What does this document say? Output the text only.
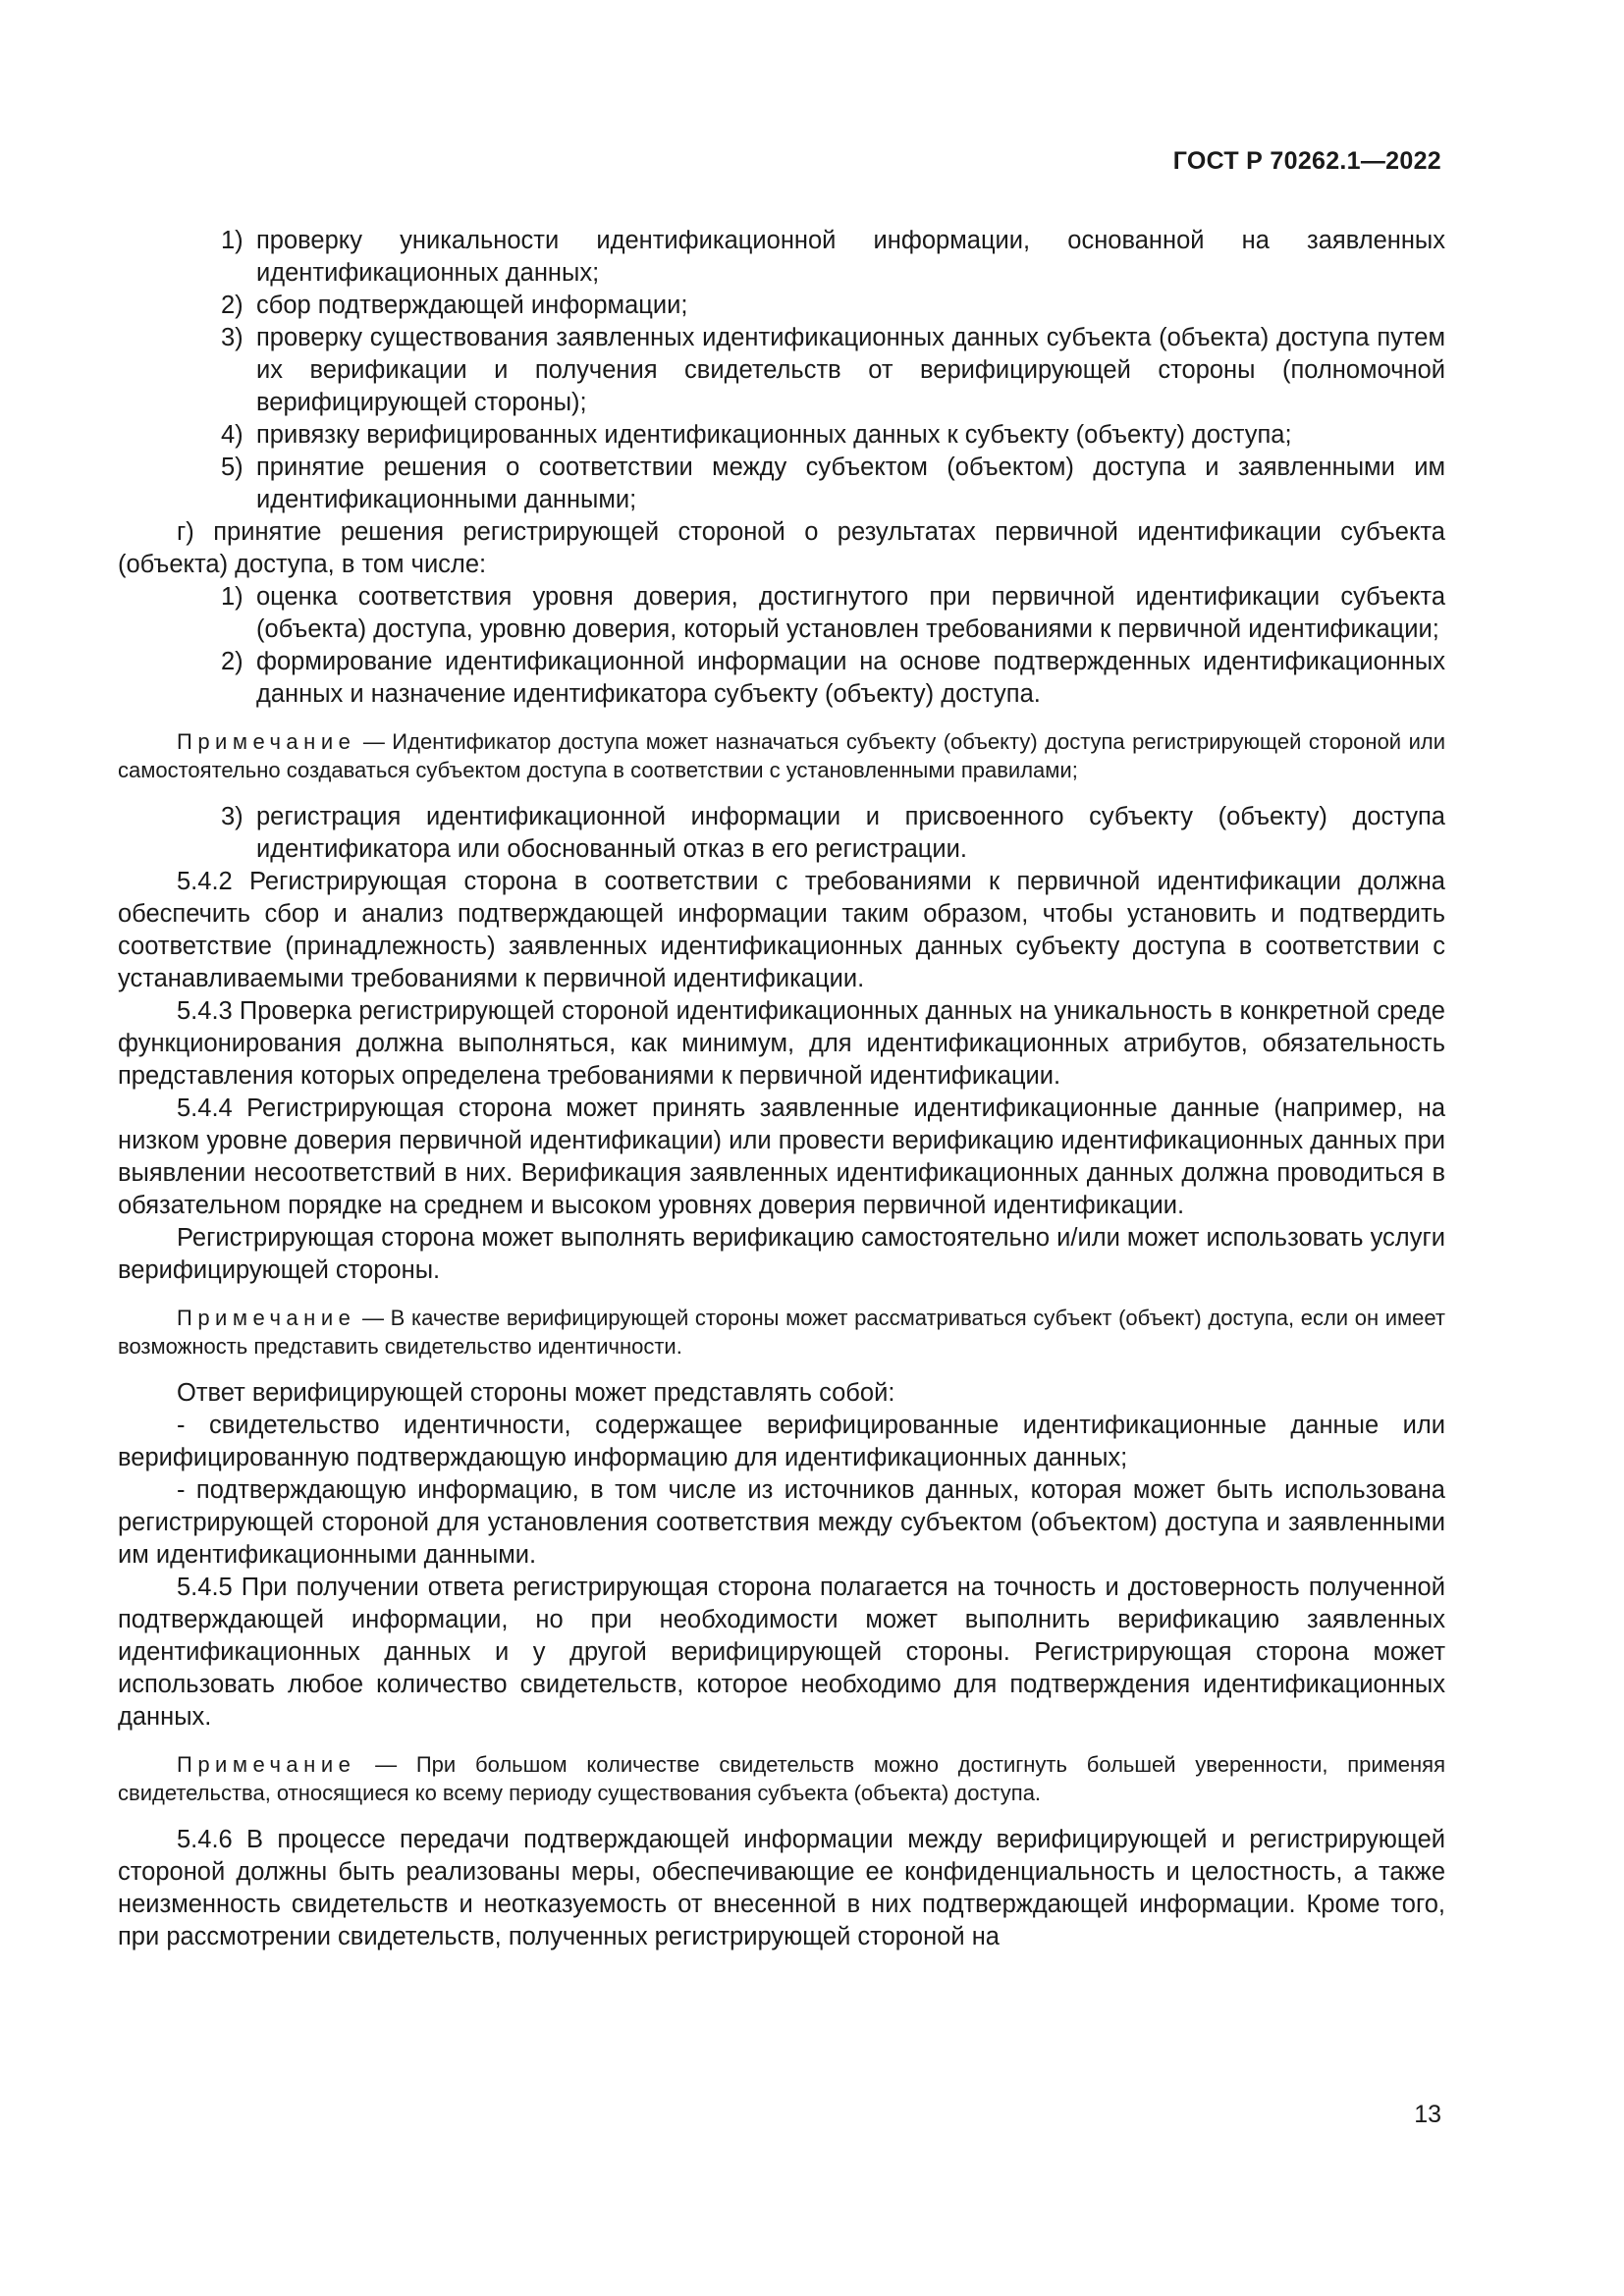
ГОСТ Р 70262.1—2022
1) проверку уникальности идентификационной информации, основанной на заявленных идентификационных данных;
2) сбор подтверждающей информации;
3) проверку существования заявленных идентификационных данных субъекта (объекта) доступа путем их верификации и получения свидетельств от верифицирующей стороны (полномочной верифицирующей стороны);
4) привязку верифицированных идентификационных данных к субъекту (объекту) доступа;
5) принятие решения о соответствии между субъектом (объектом) доступа и заявленными им идентификационными данными;

г) принятие решения регистрирующей стороной о результатах первичной идентификации субъекта (объекта) доступа, в том числе:

1) оценка соответствия уровня доверия, достигнутого при первичной идентификации субъекта (объекта) доступа, уровню доверия, который установлен требованиями к первичной идентификации;
2) формирование идентификационной информации на основе подтвержденных идентификационных данных и назначение идентификатора субъекту (объекту) доступа.

Примечание — Идентификатор доступа может назначаться субъекту (объекту) доступа регистрирующей стороной или самостоятельно создаваться субъектом доступа в соответствии с установленными правилами;

3) регистрация идентификационной информации и присвоенного субъекту (объекту) доступа идентификатора или обоснованный отказ в его регистрации.

5.4.2 Регистрирующая сторона в соответствии с требованиями к первичной идентификации должна обеспечить сбор и анализ подтверждающей информации таким образом, чтобы установить и подтвердить соответствие (принадлежность) заявленных идентификационных данных субъекту доступа в соответствии с устанавливаемыми требованиями к первичной идентификации.

5.4.3 Проверка регистрирующей стороной идентификационных данных на уникальность в конкретной среде функционирования должна выполняться, как минимум, для идентификационных атрибутов, обязательность представления которых определена требованиями к первичной идентификации.

5.4.4 Регистрирующая сторона может принять заявленные идентификационные данные (например, на низком уровне доверия первичной идентификации) или провести верификацию идентификационных данных при выявлении несоответствий в них. Верификация заявленных идентификационных данных должна проводиться в обязательном порядке на среднем и высоком уровнях доверия первичной идентификации.

Регистрирующая сторона может выполнять верификацию самостоятельно и/или может использовать услуги верифицирующей стороны.

Примечание — В качестве верифицирующей стороны может рассматриваться субъект (объект) доступа, если он имеет возможность представить свидетельство идентичности.

Ответ верифицирующей стороны может представлять собой:

- свидетельство идентичности, содержащее верифицированные идентификационные данные или верифицированную подтверждающую информацию для идентификационных данных;

- подтверждающую информацию, в том числе из источников данных, которая может быть использована регистрирующей стороной для установления соответствия между субъектом (объектом) доступа и заявленными им идентификационными данными.

5.4.5 При получении ответа регистрирующая сторона полагается на точность и достоверность полученной подтверждающей информации, но при необходимости может выполнить верификацию заявленных идентификационных данных и у другой верифицирующей стороны. Регистрирующая сторона может использовать любое количество свидетельств, которое необходимо для подтверждения идентификационных данных.

Примечание — При большом количестве свидетельств можно достигнуть большей уверенности, применяя свидетельства, относящиеся ко всему периоду существования субъекта (объекта) доступа.

5.4.6 В процессе передачи подтверждающей информации между верифицирующей и регистрирующей стороной должны быть реализованы меры, обеспечивающие ее конфиденциальность и целостность, а также неизменность свидетельств и неотказуемость от внесенной в них подтверждающей информации. Кроме того, при рассмотрении свидетельств, полученных регистрирующей стороной на

13
